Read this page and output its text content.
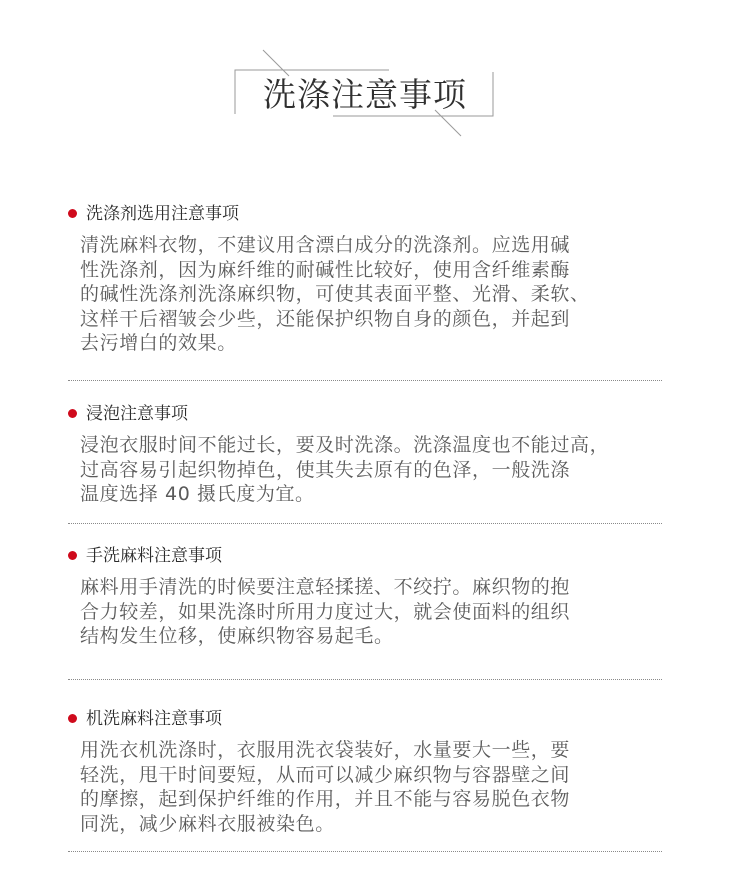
洗涤注意事项
洗涤剂选用注意事项

清洗麻料衣物，不建议用含漂白成分的洗涤剂。应选用碱

性洗涤剂，因为麻纤维的耐碱性比较好，使用含纤维素酶

的碱性洗涤剂洗涤麻织物，可使其表面平整、光滑、柔软、

这样干后褶皱会少些，还能保护织物自身的颜色，并起到

去污增白的效果。

浸泡注意事项

浸泡衣服时间不能过长，要及时洗涤。洗涤温度也不能过高，

过高容易引起织物掉色，使其失去原有的色泽，一般洗涤

温度选择 40 摄氏度为宜。

手洗麻料注意事项

麻料用手清洗的时候要注意轻揉搓、不绞拧。麻织物的抱

合力较差，如果洗涤时所用力度过大，就会使面料的组织

结构发生位移，使麻织物容易起毛。

机洗麻料注意事项

用洗衣机洗涤时，衣服用洗衣袋装好，水量要大一些，要

轻洗，甩干时间要短，从而可以减少麻织物与容器壁之间

的摩擦，起到保护纤维的作用，并且不能与容易脱色衣物

同洗，减少麻料衣服被染色。
